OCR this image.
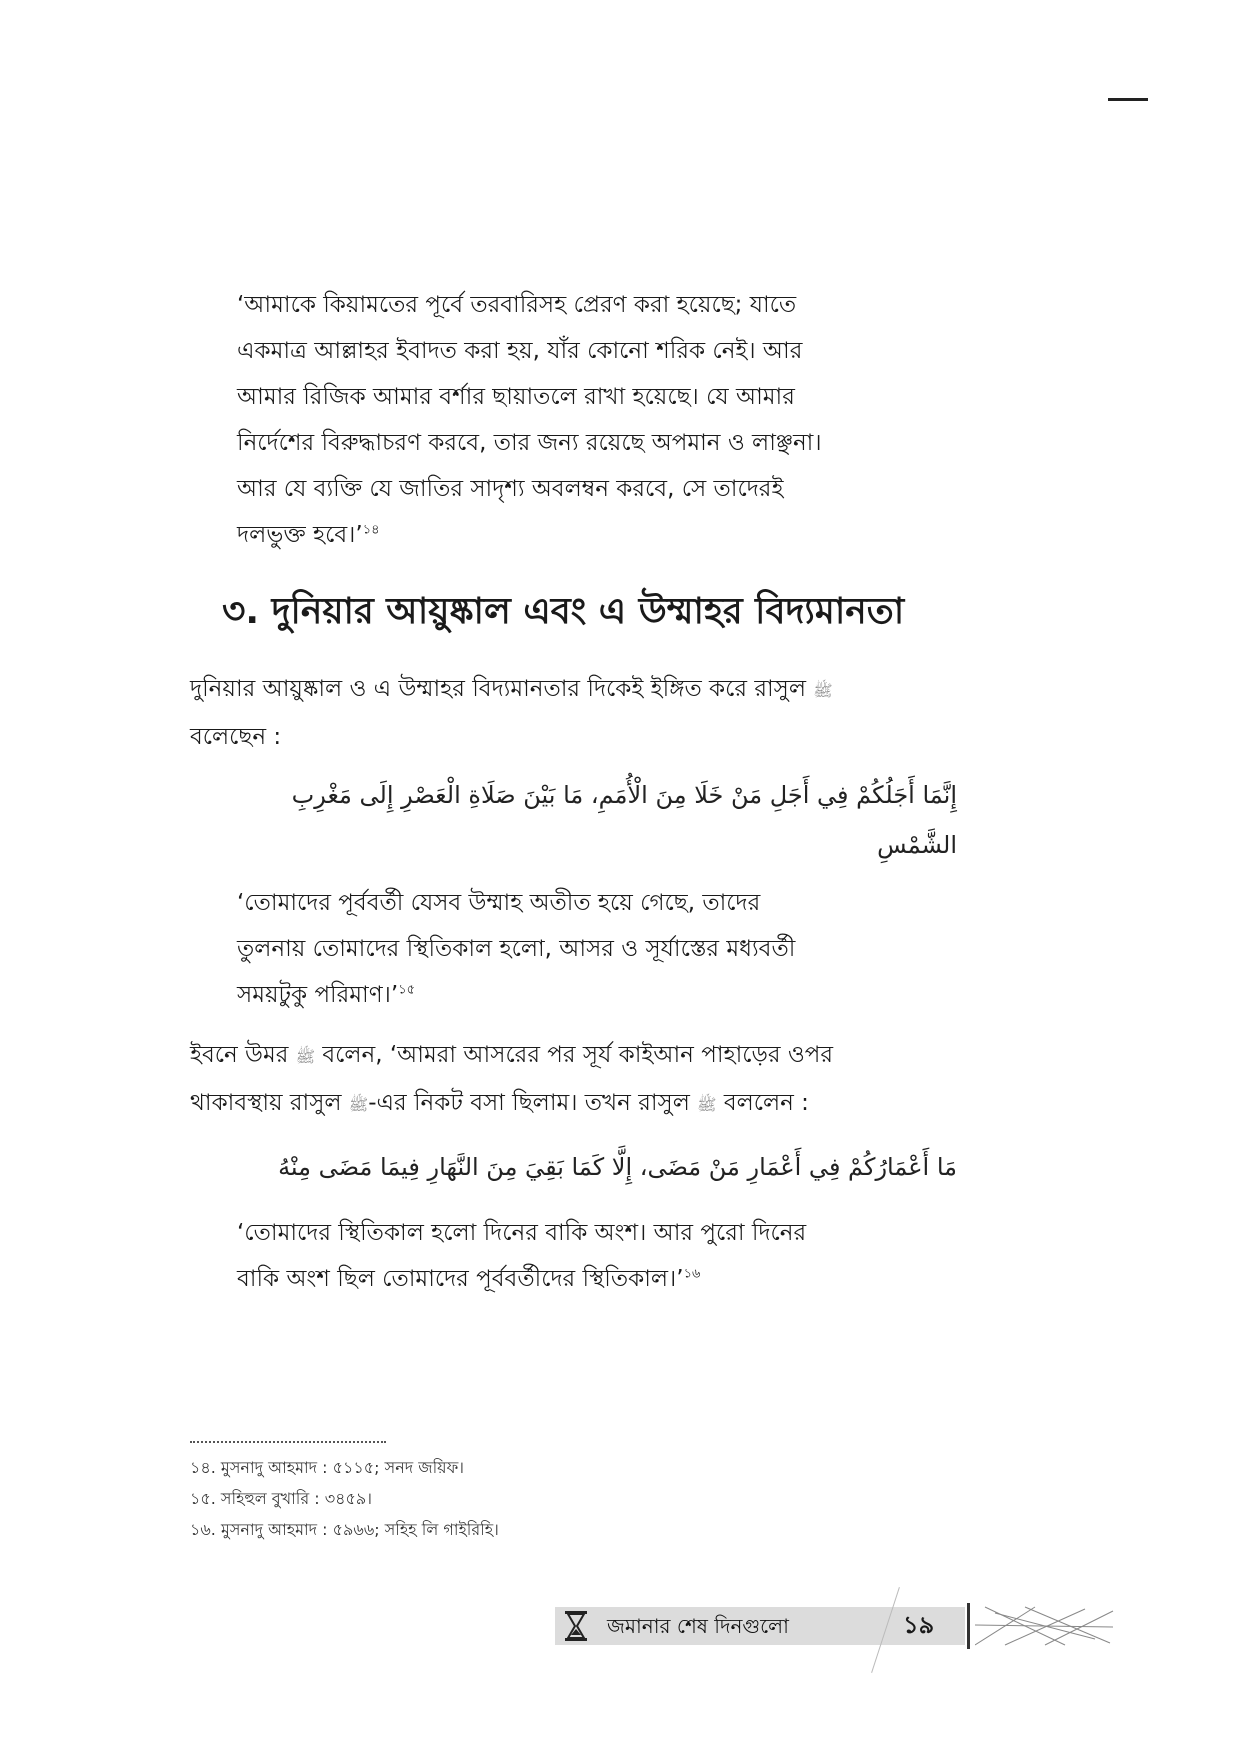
‘আমাকে কিয়ামতের পূর্বে তরবারিসহ প্রেরণ করা হয়েছে; যাতে

একমাত্র আল্লাহর ইবাদত করা হয়, যাঁর কোনো শরিক নেই। আর

আমার রিজিক আমার বর্শার ছায়াতলে রাখা হয়েছে। যে আমার

নির্দেশের বিরুদ্ধাচরণ করবে, তার জন্য রয়েছে অপমান ও লাঞ্ছনা।

আর যে ব্যক্তি যে জাতির সাদৃশ্য অবলম্বন করবে, সে তাদেরই

দলভুক্ত হবে।’$^{১৪}$

৩. দুনিয়ার আয়ুষ্কাল এবং এ উম্মাহর বিদ্যমানতা
দুনিয়ার আয়ুষ্কাল ও এ উম্মাহর বিদ্যমানতার দিকেই ইঙ্গিত করে রাসুল ﷺ
বলেছেন :
إِنَّمَا أَجَلُكُمْ فِي أَجَلِ مَنْ خَلَا مِنَ الْأُمَمِ، مَا بَيْنَ صَلَاةِ الْعَصْرِ إِلَى مَغْرِبِ
الشَّمْسِ

‘তোমাদের পূর্ববর্তী যেসব উম্মাহ অতীত হয়ে গেছে, তাদের

তুলনায় তোমাদের স্থিতিকাল হলো, আসর ও সূর্যাস্তের মধ্যবর্তী

সময়টুকু পরিমাণ।’$^{১৫}$

ইবনে উমর ﷺ বলেন, ‘আমরা আসরের পর সূর্য কাইআন পাহাড়ের ওপর
থাকাবস্থায় রাসুল ﷺ-এর নিকট বসা ছিলাম। তখন রাসুল ﷺ বললেন :
مَا أَعْمَارُكُمْ فِي أَعْمَارِ مَنْ مَضَى، إِلَّا كَمَا بَقِيَ مِنَ النَّهَارِ فِيمَا مَضَى مِنْهُ

‘তোমাদের স্থিতিকাল হলো দিনের বাকি অংশ। আর পুরো দিনের

বাকি অংশ ছিল তোমাদের পূর্ববর্তীদের স্থিতিকাল।’$^{১৬}$

১৪. মুসনাদু আহমাদ : ৫১১৫; সনদ জয়িফ।

১৫. সহিহুল বুখারি : ৩৪৫৯।

১৬. মুসনাদু আহমাদ : ৫৯৬৬; সহিহ লি গাইরিহি।

জমানার শেষ দিনগুলো	১৯
